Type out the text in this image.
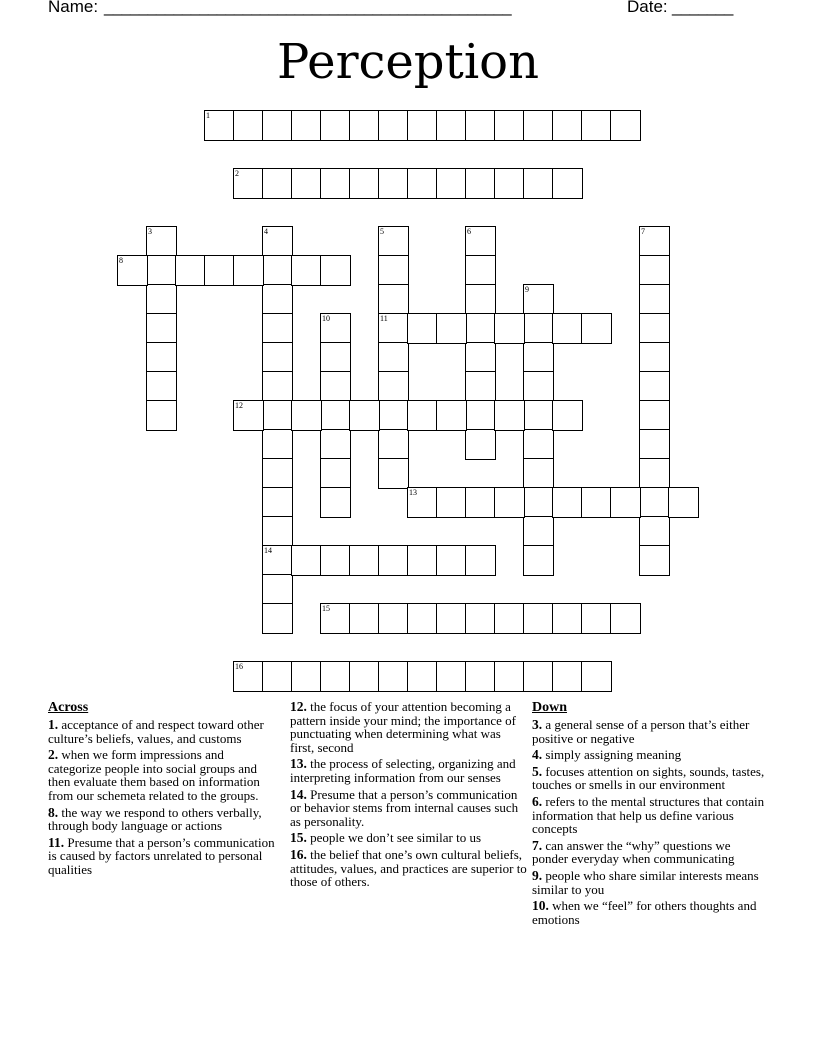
Name: _______________________________________________	Date: _______
Perception
1
2
3	4
14
5
11
6	7
8
9
10
12
13
15
16
Across
1. acceptance of and respect toward other culture’s beliefs, values, and customs
2. when we form impressions and categorize people into social groups and then evaluate them based on information from our schemeta related to the groups.
8. the way we respond to others verbally, through body language or actions
11. Presume that a person’s communication is caused by factors unrelated to personal qualities
12. the focus of your attention becoming a pattern inside your mind; the importance of punctuating when determining what was first, second
13. the process of selecting, organizing and interpreting information from our senses
14. Presume that a person’s communication or behavior stems from internal causes such as personality.
15. people we don’t see similar to us
16. the belief that one’s own cultural beliefs, attitudes, values, and practices are superior to those of others.
Down
3. a general sense of a person that’s either positive or negative
4. simply assigning meaning
5. focuses attention on sights, sounds, tastes, touches or smells in our environment
6. refers to the mental structures that contain information that help us define various concepts
7. can answer the “why” questions we ponder everyday when communicating
9. people who share similar interests means similar to you
10. when we “feel” for others thoughts and emotions
